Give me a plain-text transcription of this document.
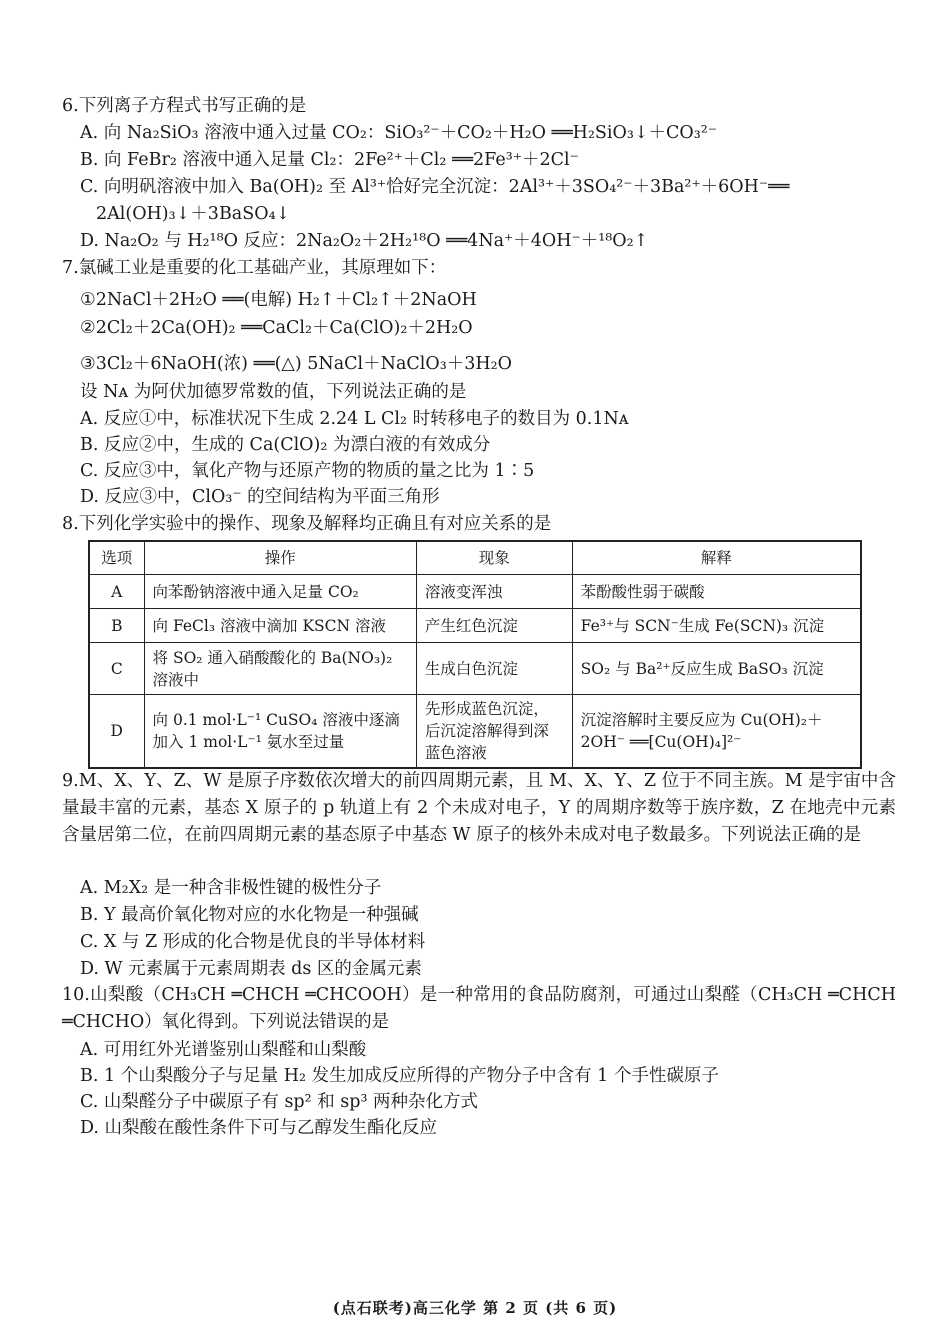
6.下列离子方程式书写正确的是
A. 向 Na₂SiO₃ 溶液中通入过量 CO₂：SiO₃²⁻＋CO₂＋H₂O ══H₂SiO₃↓＋CO₃²⁻
B. 向 FeBr₂ 溶液中通入足量 Cl₂：2Fe²⁺＋Cl₂ ══2Fe³⁺＋2Cl⁻
C. 向明矾溶液中加入 Ba(OH)₂ 至 Al³⁺恰好完全沉淀：2Al³⁺＋3SO₄²⁻＋3Ba²⁺＋6OH⁻══
2Al(OH)₃↓＋3BaSO₄↓
D. Na₂O₂ 与 H₂¹⁸O 反应：2Na₂O₂＋2H₂¹⁸O ══4Na⁺＋4OH⁻＋¹⁸O₂↑
7.氯碱工业是重要的化工基础产业，其原理如下：
①2NaCl＋2H₂O ══(电解) H₂↑＋Cl₂↑＋2NaOH
②2Cl₂＋2Ca(OH)₂ ══CaCl₂＋Ca(ClO)₂＋2H₂O
③3Cl₂＋6NaOH(浓) ══(△) 5NaCl＋NaClO₃＋3H₂O
设 Nᴀ 为阿伏加德罗常数的值，下列说法正确的是
A. 反应①中，标准状况下生成 2.24 L Cl₂ 时转移电子的数目为 0.1Nᴀ
B. 反应②中，生成的 Ca(ClO)₂ 为漂白液的有效成分
C. 反应③中，氧化产物与还原产物的物质的量之比为 1∶5
D. 反应③中，ClO₃⁻ 的空间结构为平面三角形
8.下列化学实验中的操作、现象及解释均正确且有对应关系的是
选项	操作	现象	解释
A	向苯酚钠溶液中通入足量 CO₂	溶液变浑浊	苯酚酸性弱于碳酸
B	向 FeCl₃ 溶液中滴加 KSCN 溶液	产生红色沉淀	Fe³⁺与 SCN⁻生成 Fe(SCN)₃ 沉淀
C	将 SO₂ 通入硝酸酸化的 Ba(NO₃)₂ 溶液中	生成白色沉淀	SO₂ 与 Ba²⁺反应生成 BaSO₃ 沉淀
D	向 0.1 mol·L⁻¹ CuSO₄ 溶液中逐滴加入 1 mol·L⁻¹ 氨水至过量	先形成蓝色沉淀，后沉淀溶解得到深蓝色溶液	沉淀溶解时主要反应为 Cu(OH)₂＋2OH⁻ ══[Cu(OH)₄]²⁻
9.M、X、Y、Z、W 是原子序数依次增大的前四周期元素，且 M、X、Y、Z 位于不同主族。M 是宇宙中含量最丰富的元素，基态 X 原子的 p 轨道上有 2 个未成对电子，Y 的周期序数等于族序数，Z 在地壳中元素含量居第二位，在前四周期元素的基态原子中基态 W 原子的核外未成对电子数最多。下列说法正确的是
A. M₂X₂ 是一种含非极性键的极性分子
B. Y 最高价氧化物对应的水化物是一种强碱
C. X 与 Z 形成的化合物是优良的半导体材料
D. W 元素属于元素周期表 ds 区的金属元素
10.山梨酸（CH₃CH ═CHCH ═CHCOOH）是一种常用的食品防腐剂，可通过山梨醛（CH₃CH ═CHCH ═CHCHO）氧化得到。下列说法错误的是
A. 可用红外光谱鉴别山梨醛和山梨酸
B. 1 个山梨酸分子与足量 H₂ 发生加成反应所得的产物分子中含有 1 个手性碳原子
C. 山梨醛分子中碳原子有 sp² 和 sp³ 两种杂化方式
D. 山梨酸在酸性条件下可与乙醇发生酯化反应
(点石联考)高三化学 第 2 页 (共 6 页)
